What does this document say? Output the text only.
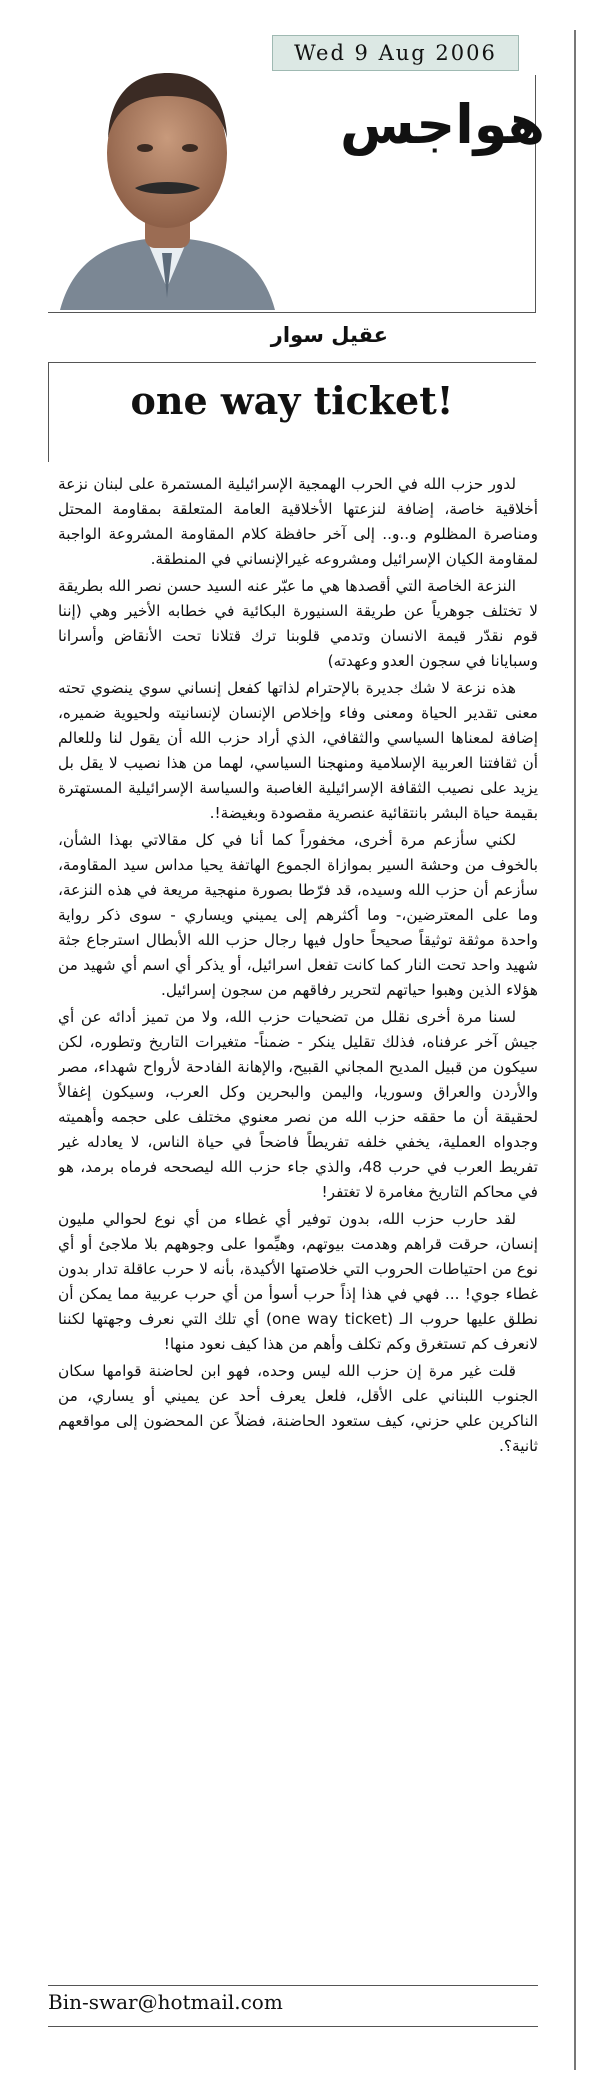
Wed 9 Aug 2006
هواجس
عقيل سوار
one way ticket!

لدور حزب الله في الحرب الهمجية الإسرائيلية المستمرة على لبنان نزعة أخلاقية خاصة، إضافة لنزعتها الأخلاقية العامة المتعلقة بمقاومة المحتل ومناصرة المظلوم و..و.. إلى آخر حافظة كلام المقاومة المشروعة الواجبة لمقاومة الكيان الإسرائيل ومشروعه غيرالإنساني في المنطقة.

النزعة الخاصة التي أقصدها هي ما عبّر عنه السيد حسن نصر الله بطريقة لا تختلف جوهرياً عن طريقة السنيورة البكائية في خطابه الأخير وهي (إننا قوم نقدّر قيمة الانسان وتدمي قلوبنا ترك قتلانا تحت الأنقاض وأسرانا وسبايانا في سجون العدو وعهدته)

هذه نزعة لا شك جديرة بالإحترام لذاتها كفعل إنساني سوي ينضوي تحته معنى تقدير الحياة ومعنى وفاء وإخلاص الإنسان لإنسانيته ولحيوية ضميره، إضافة لمعناها السياسي والثقافي، الذي أراد حزب الله أن يقول لنا وللعالم أن ثقافتنا العربية الإسلامية ومنهجنا السياسي، لهما من هذا نصيب لا يقل بل يزيد على نصيب الثقافة الإسرائيلية الغاصبة والسياسة الإسرائيلية المستهترة بقيمة حياة البشر بانتقائية عنصرية مقصودة وبغيضة!.

لكني سأزعم مرة أخرى، مخفوراً كما أنا في كل مقالاتي بهذا الشأن، بالخوف من وحشة السير بموازاة الجموع الهاتفة يحيا مداس سيد المقاومة، سأزعم أن حزب الله وسيده، قد فرّطا بصورة منهجية مريعة في هذه النزعة، وما على المعترضين،- وما أكثرهم إلى يميني ويساري - سوى ذكر رواية واحدة موثقة توثيقاً صحيحاً حاول فيها رجال حزب الله الأبطال استرجاع جثة شهيد واحد تحت النار كما كانت تفعل اسرائيل، أو يذكر أي اسم أي شهيد من هؤلاء الذين وهبوا حياتهم لتحرير رفاقهم من سجون إسرائيل.

لسنا مرة أخرى نقلل من تضحيات حزب الله، ولا من تميز أدائه عن أي جيش آخر عرفناه، فذلك تقليل ينكر - ضمناً- متغيرات التاريخ وتطوره، لكن سيكون من قبيل المديح المجاني القبيح، والإهانة الفادحة لأرواح شهداء، مصر والأردن والعراق وسوريا، واليمن والبحرين وكل العرب، وسيكون إغفالاً لحقيقة أن ما حققه حزب الله من نصر معنوي مختلف على حجمه وأهميته وجدواه العملية، يخفي خلفه تفريطاً فاضحاً في حياة الناس، لا يعادله غير تفريط العرب في حرب 48، والذي جاء حزب الله ليصححه فرماه برمد، هو في محاكم التاريخ مغامرة لا تغتفر!

لقد حارب حزب الله، بدون توفير أي غطاء من أي نوع لحوالي مليون إنسان، حرقت قراهم وهدمت بيوتهم، وهيِّموا على وجوههم بلا ملاجئ أو أي نوع من احتياطات الحروب التي خلاصتها الأكيدة، بأنه لا حرب عاقلة تدار بدون غطاء جوي! ... فهي في هذا إذاً حرب أسوأ من أي حرب عربية مما يمكن أن نطلق عليها حروب الـ (one way ticket) أي تلك التي نعرف وجهتها لكننا لانعرف كم تستغرق وكم تكلف وأهم من هذا كيف نعود منها!

قلت غير مرة إن حزب الله ليس وحده، فهو ابن لحاضنة قوامها سكان الجنوب اللبناني على الأقل، فلعل يعرف أحد عن يميني أو يساري، من الناكرين علي حزني، كيف ستعود الحاضنة، فضلاً عن المحضون إلى مواقعهم ثانية؟.

Bin-swar@hotmail.com
